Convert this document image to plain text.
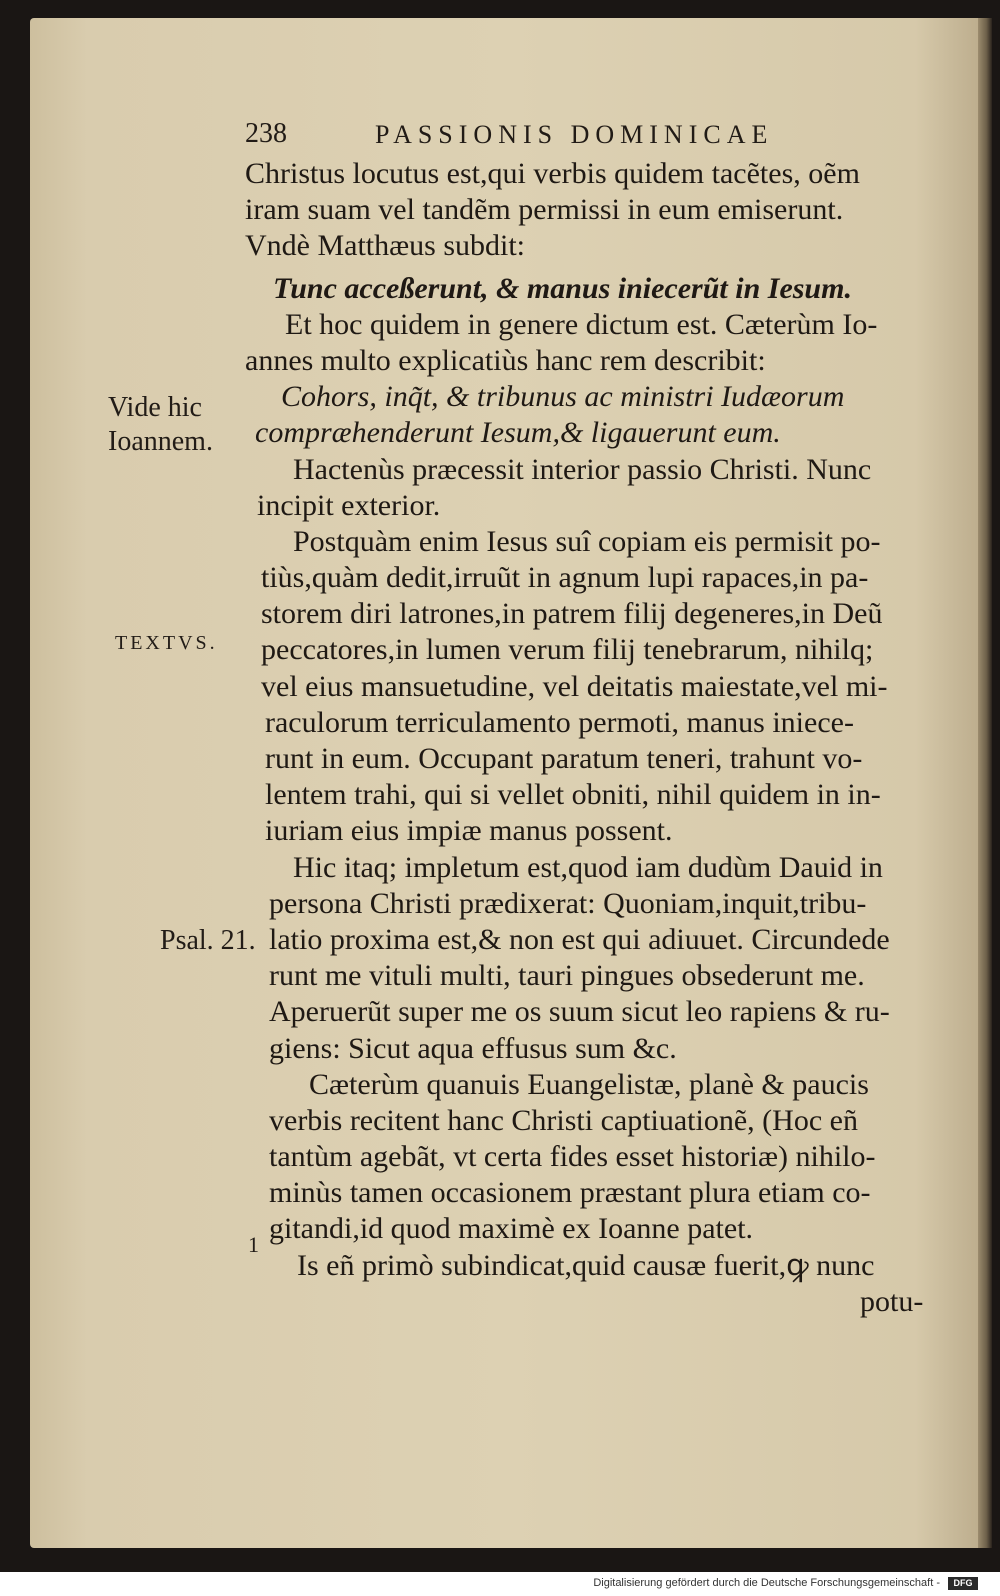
238	PASSIONIS DOMINICAE
Christus locutus est,qui verbis quidem tacẽtes, oẽm
iram suam vel tandẽm permissi in eum emiserunt.
Vndè Matthæus subdit:
Tunc acceßerunt, & manus iniecerũt in Iesum.
Et hoc quidem in genere dictum est. Cæterùm Io-
annes multo explicatiùs hanc rem describit:
Cohors, inq̃t, & tribunus ac ministri Iudæorum
compræhenderunt Iesum,& ligauerunt eum.
Hactenùs præcessit interior passio Christi. Nunc
incipit exterior.
Postquàm enim Iesus suî copiam eis permisit po-
tiùs,quàm dedit,irruũt in agnum lupi rapaces,in pa-
storem diri latrones,in patrem filij degeneres,in Deũ
peccatores,in lumen verum filij tenebrarum, nihilq;
vel eius mansuetudine, vel deitatis maiestate,vel mi-
raculorum terriculamento permoti, manus iniece-
runt in eum. Occupant paratum teneri, trahunt vo-
lentem trahi, qui si vellet obniti, nihil quidem in in-
iuriam eius impiæ manus possent.
Hic itaq; impletum est,quod iam dudùm Dauid in
persona Christi prædixerat: Quoniam,inquit,tribu-
latio proxima est,& non est qui adiuuet. Circundede
runt me vituli multi, tauri pingues obsederunt me.
Aperuerũt super me os suum sicut leo rapiens & ru-
giens: Sicut aqua effusus sum &c.
Cæterùm quanuis Euangelistæ, planè & paucis
verbis recitent hanc Christi captiuationẽ, (Hoc eñ
tantùm agebãt, vt certa fides esset historiæ) nihilo-
minùs tamen occasionem præstant plura etiam co-
gitandi,id quod maximè ex Ioanne patet.
Is eñ primò subindicat,quid causæ fuerit,ꝙ nunc
potu-
Vide hic
Ioannem.
TEXTVS.
Psal. 21.
1
Digitalisierung gefördert durch die Deutsche Forschungsgemeinschaft -	DFG
